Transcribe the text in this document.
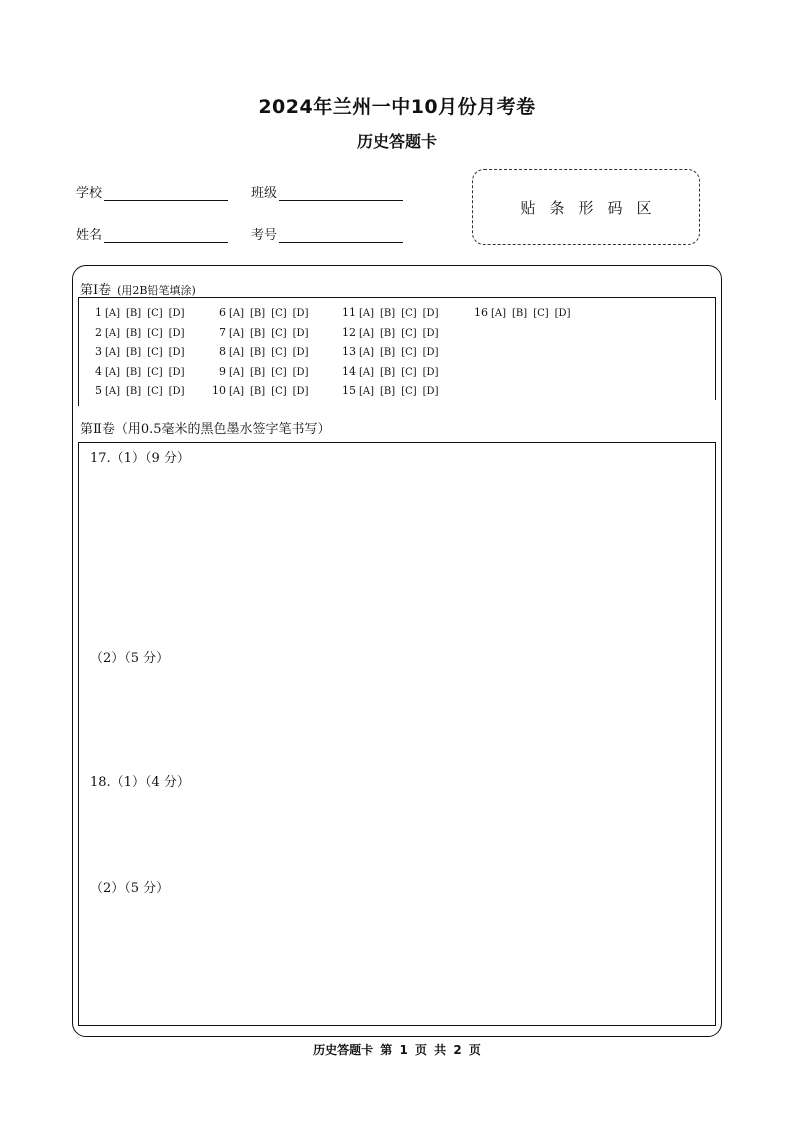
2024年兰州一中10月份月考卷
历史答题卡
学校	班级
姓名	考号
贴条形码区
第Ⅰ卷 (用2B铅笔填涂)
1 [A] [B] [C] [D]
2 [A] [B] [C] [D]
3 [A] [B] [C] [D]
4 [A] [B] [C] [D]
5 [A] [B] [C] [D]
6 [A] [B] [C] [D]
7 [A] [B] [C] [D]
8 [A] [B] [C] [D]
9 [A] [B] [C] [D]
10 [A] [B] [C] [D]
11 [A] [B] [C] [D]
12 [A] [B] [C] [D]
13 [A] [B] [C] [D]
14 [A] [B] [C] [D]
15 [A] [B] [C] [D]
16 [A] [B] [C] [D]
第Ⅱ卷（用0.5毫米的黑色墨水签字笔书写）
17.（1）（9 分）
（2）（5 分）
18.（1）（4 分）
（2）（5 分）
历史答题卡 第 1 页 共 2 页
